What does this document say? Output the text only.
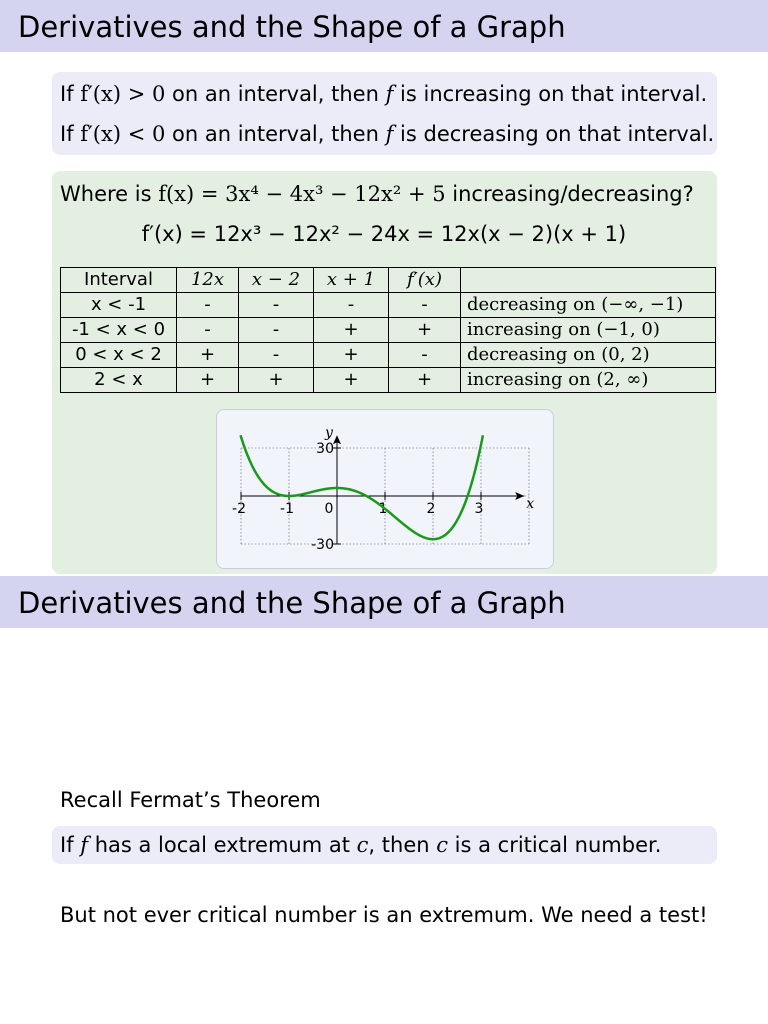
Derivatives and the Shape of a Graph
If f′(x) > 0 on an interval, then f is increasing on that interval.
If f′(x) < 0 on an interval, then f is decreasing on that interval.
Where is f(x) = 3x⁴ − 4x³ − 12x² + 5 increasing/decreasing?
f′(x) = 12x³ − 12x² − 24x = 12x(x − 2)(x + 1)
Interval	12x	x − 2	x + 1	f′(x)	
x < -1	-	-	-	-	decreasing on (−∞, −1)
-1 < x < 0	-	-	+	+	increasing on (−1, 0)
0 < x < 2	+	-	+	-	decreasing on (0, 2)
2 < x	+	+	+	+	increasing on (2, ∞)
-2 -1 0	1	2	3
30
-30
x
y
Derivatives and the Shape of a Graph
Recall Fermat’s Theorem
If f has a local extremum at c, then c is a critical number.
But not ever critical number is an extremum. We need a test!
